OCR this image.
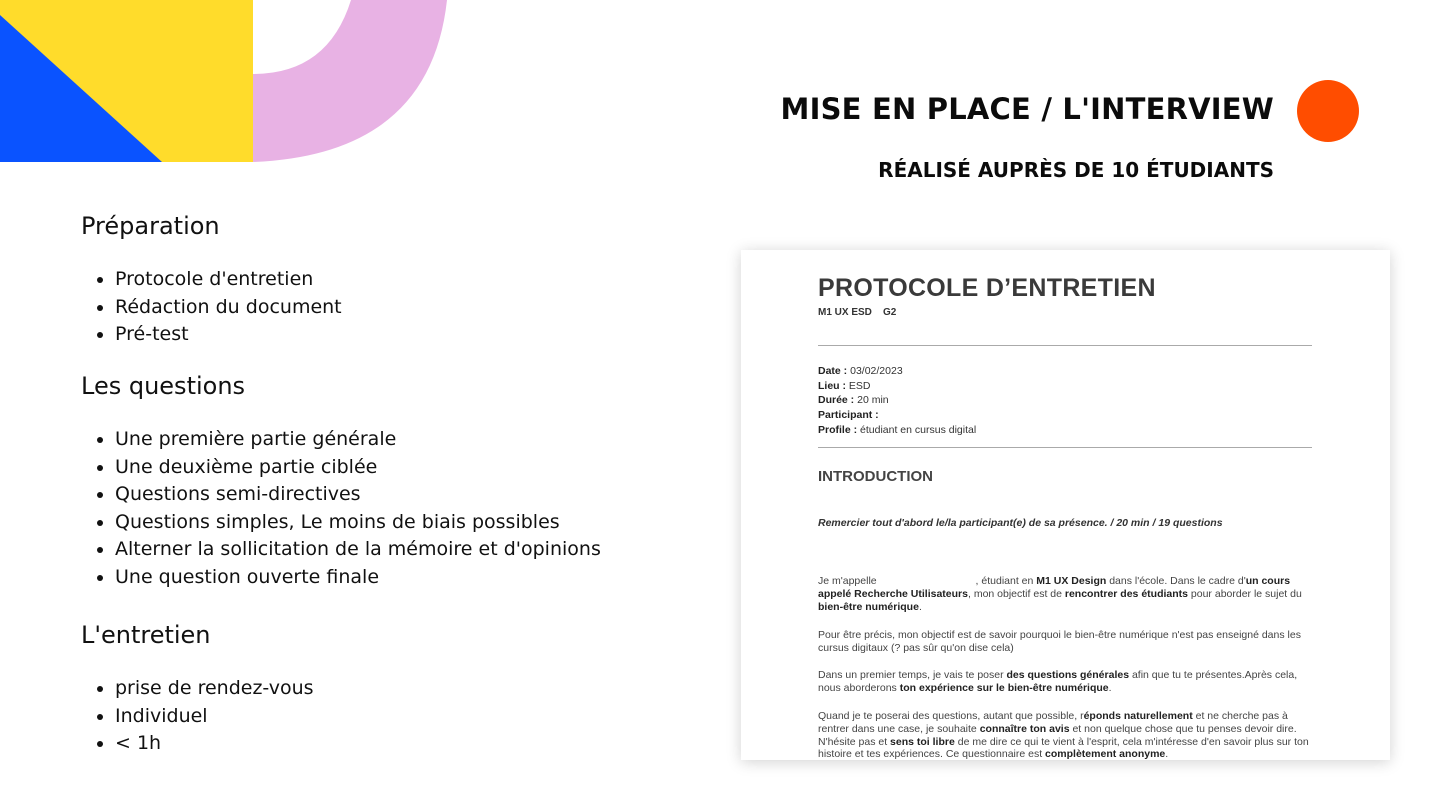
MISE EN PLACE / L'INTERVIEW
RÉALISÉ AUPRÈS DE 10 ÉTUDIANTS
Préparation
• Protocole d'entretien
• Rédaction du document
• Pré-test
Les questions
• Une première partie générale
• Une deuxième partie ciblée
• Questions semi-directives
• Questions simples, Le moins de biais possibles
• Alterner la sollicitation de la mémoire et d'opinions
• Une question ouverte finale
L'entretien
• prise de rendez-vous
• Individuel
• < 1h
PROTOCOLE D’ENTRETIEN
M1 UX ESD G2
Date : 03/02/2023
Lieu : ESD
Durée : 20 min
Participant :
Profile : étudiant en cursus digital
INTRODUCTION
Remercier tout d'abord le/la participant(e) de sa présence. / 20 min / 19 questions
Je m'appelle	, étudiant en M1 UX Design dans l'école. Dans le cadre d'un cours appelé Recherche Utilisateurs, mon objectif est de rencontrer des étudiants pour aborder le sujet du bien-être numérique.
Pour être précis, mon objectif est de savoir pourquoi le bien-être numérique n'est pas enseigné dans les cursus digitaux (? pas sûr qu'on dise cela)
Dans un premier temps, je vais te poser des questions générales afin que tu te présentes.Après cela, nous aborderons ton expérience sur le bien-être numérique.
Quand je te poserai des questions, autant que possible, réponds naturellement et ne cherche pas à rentrer dans une case, je souhaite connaître ton avis et non quelque chose que tu penses devoir dire. N'hésite pas et sens toi libre de me dire ce qui te vient à l'esprit, cela m'intéresse d'en savoir plus sur ton histoire et tes expériences. Ce questionnaire est complètement anonyme.
